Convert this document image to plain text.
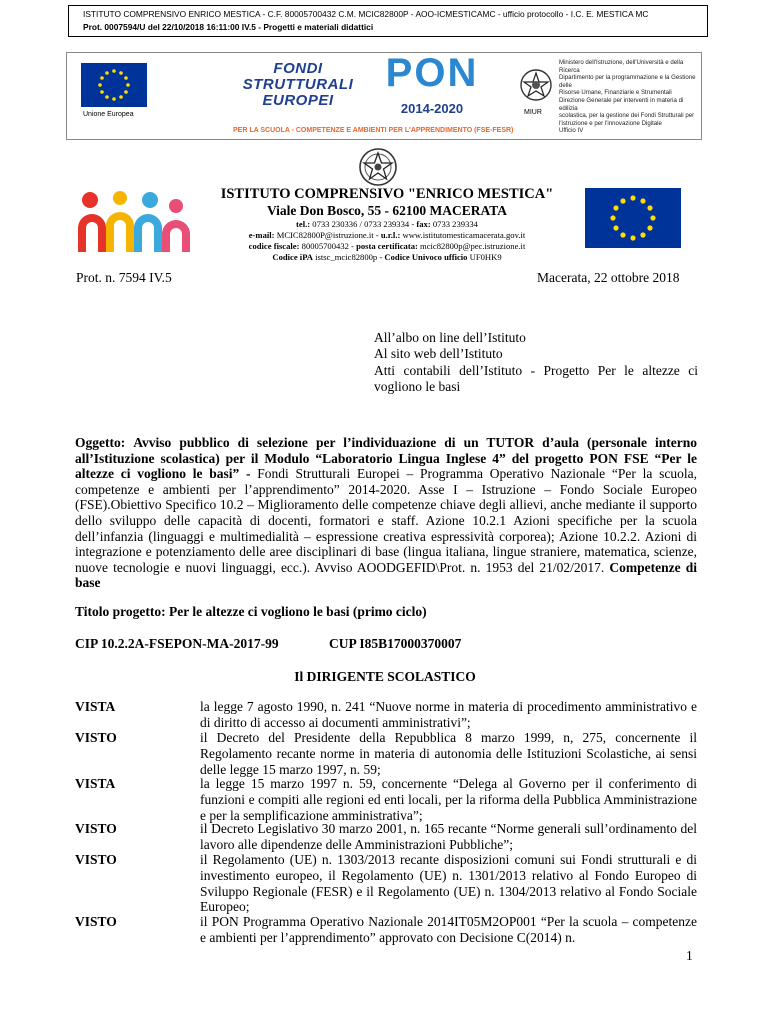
ISTITUTO COMPRENSIVO ENRICO MESTICA - C.F. 80005700432 C.M. MCIC82800P - AOO-ICMESTICAMC - ufficio protocollo - I.C. E. MESTICA MC
Prot. 0007594/U del 22/10/2018 16:11:00 IV.5 - Progetti e materiali didattici
Unione Europea
FONDI
STRUTTURALI
EUROPEI
PON
2014-2020	MIUR
Ministero dell'Istruzione, dell'Università e della Ricerca
Dipartimento per la programmazione e la Gestione delle
Risorse Umane, Finanziarie e Strumentali
Direzione Generale per interventi in materia di edilizia
scolastica, per la gestione dei Fondi Strutturali per
l'istruzione e per l'innovazione Digitale
Ufficio IV
PER LA SCUOLA - COMPETENZE E AMBIENTI PER L'APPRENDIMENTO (FSE-FESR)
ISTITUTO COMPRENSIVO "ENRICO MESTICA"
Viale Don Bosco, 55 - 62100 MACERATA
tel.: 0733 230336 / 0733 239334 - fax: 0733 239334
e-mail: MCIC82800P@istruzione.it - u.r.l.: www.istitutomesticamacerata.gov.it
codice fiscale: 80005700432 - posta certificata: mcic82800p@pec.istruzione.it
Codice iPA istsc_mcic82800p - Codice Univoco ufficio UF0HK9
Prot. n. 7594 IV.5	Macerata, 22 ottobre 2018
All’albo on line dell’Istituto
Al sito web dell’Istituto
Atti contabili dell’Istituto - Progetto Per le altezze ci vogliono le basi
Oggetto: Avviso pubblico di selezione per l’individuazione di un TUTOR d’aula (personale interno all’Istituzione scolastica) per il Modulo “Laboratorio Lingua Inglese 4” del progetto PON FSE “Per le altezze ci vogliono le basi” - Fondi Strutturali Europei – Programma Operativo Nazionale “Per la scuola, competenze e ambienti per l’apprendimento” 2014-2020. Asse I – Istruzione – Fondo Sociale Europeo (FSE).Obiettivo Specifico 10.2 – Miglioramento delle competenze chiave degli allievi, anche mediante il supporto dello sviluppo delle capacità di docenti, formatori e staff. Azione 10.2.1 Azioni specifiche per la scuola dell’infanzia (linguaggi e multimedialità – espressione creativa espressività corporea); Azione 10.2.2. Azioni di integrazione e potenziamento delle aree disciplinari di base (lingua italiana, lingue straniere, matematica, scienze, nuove tecnologie e nuovi linguaggi, ecc.). Avviso AOODGEFID\Prot. n. 1953 del 21/02/2017. Competenze di base
Titolo progetto: Per le altezze ci vogliono le basi (primo ciclo)
CIP 10.2.2A-FSEPON-MA-2017-99	CUP I85B17000370007
Il DIRIGENTE SCOLASTICO
VISTA	la legge 7 agosto 1990, n. 241 “Nuove norme in materia di procedimento amministrativo e di diritto di accesso ai documenti amministrativi”;
VISTO	il Decreto del Presidente della Repubblica 8 marzo 1999, n, 275, concernente il Regolamento recante norme in materia di autonomia delle Istituzioni Scolastiche, ai sensi delle legge 15 marzo 1997, n. 59;
VISTA	la legge 15 marzo 1997 n. 59, concernente “Delega al Governo per il conferimento di funzioni e compiti alle regioni ed enti locali, per la riforma della Pubblica Amministrazione e per la semplificazione amministrativa”;
VISTO	il Decreto Legislativo 30 marzo 2001, n. 165 recante “Norme generali sull’ordinamento del lavoro alle dipendenze delle Amministrazioni Pubbliche”;
VISTO	il Regolamento (UE) n. 1303/2013 recante disposizioni comuni sui Fondi strutturali e di investimento europeo, il Regolamento (UE) n. 1301/2013 relativo al Fondo Europeo di Sviluppo Regionale (FESR) e il Regolamento (UE) n. 1304/2013 relativo al Fondo Sociale Europeo;
VISTO	il PON Programma Operativo Nazionale 2014IT05M2OP001 “Per la scuola – competenze e ambienti per l’apprendimento” approvato con Decisione C(2014) n.
1
